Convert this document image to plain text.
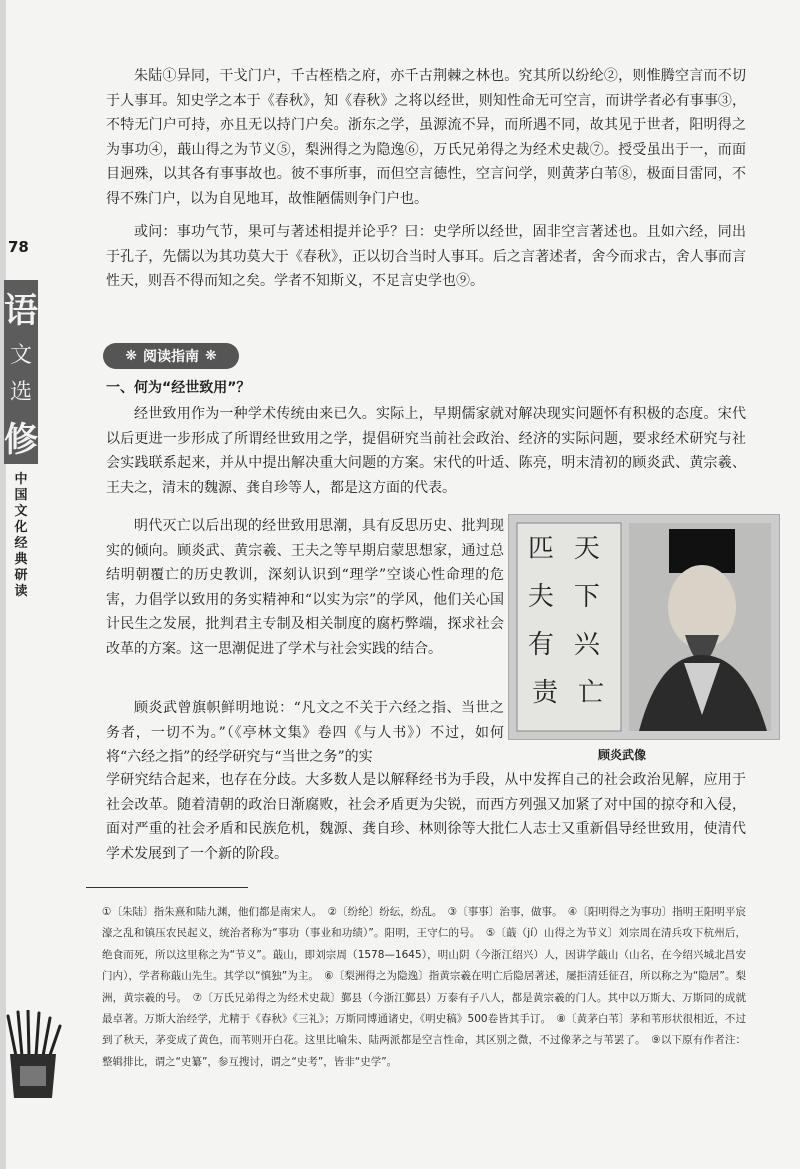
78
语
文
选
修
中国文化经典研读

朱陆①异同，干戈门户，千古桎梏之府，亦千古荆棘之林也。究其所以纷纶②，则惟腾空言而不切于人事耳。知史学之本于《春秋》，知《春秋》之将以经世，则知性命无可空言，而讲学者必有事事③，不特无门户可持，亦且无以持门户矣。浙东之学，虽源流不异，而所遇不同，故其见于世者，阳明得之为事功④，蕺山得之为节义⑤，梨洲得之为隐逸⑥，万氏兄弟得之为经术史裁⑦。授受虽出于一，而面目迥殊，以其各有事事故也。彼不事所事，而但空言德性，空言问学，则黄茅白苇⑧，极面目雷同，不得不殊门户，以为自见地耳，故惟陋儒则争门户也。

或问：事功气节，果可与著述相提并论乎？曰：史学所以经世，固非空言著述也。且如六经，同出于孔子，先儒以为其功莫大于《春秋》，正以切合当时人事耳。后之言著述者，舍今而求古，舍人事而言性天，则吾不得而知之矣。学者不知斯义，不足言史学也⑨。

❋ 阅读指南 ❋
一、何为“经世致用”？

经世致用作为一种学术传统由来已久。实际上，早期儒家就对解决现实问题怀有积极的态度。宋代以后更进一步形成了所谓经世致用之学，提倡研究当前社会政治、经济的实际问题，要求经术研究与社会实践联系起来，并从中提出解决重大问题的方案。宋代的叶适、陈亮，明末清初的顾炎武、黄宗羲、王夫之，清末的魏源、龚自珍等人，都是这方面的代表。

明代灭亡以后出现的经世致用思潮，具有反思历史、批判现实的倾向。顾炎武、黄宗羲、王夫之等早期启蒙思想家，通过总结明朝覆亡的历史教训，深刻认识到“理学”空谈心性命理的危害，力倡学以致用的务实精神和“以实为宗”的学风，他们关心国计民生之发展，批判君主专制及相关制度的腐朽弊端，探求社会改革的方案。这一思潮促进了学术与社会实践的结合。

顾炎武曾旗帜鲜明地说：“凡文之不关于六经之指、当世之务者，一切不为。”（《亭林文集》卷四《与人书》）不过，如何将“六经之指”的经学研究与“当世之务”的实

学研究结合起来，也存在分歧。大多数人是以解释经书为手段，从中发挥自己的社会政治见解，应用于社会改革。随着清朝的政治日渐腐败，社会矛盾更为尖锐，而西方列强又加紧了对中国的掠夺和入侵，面对严重的社会矛盾和民族危机，魏源、龚自珍、林则徐等大批仁人志士又重新倡导经世致用，使清代学术发展到了一个新的阶段。

天 下 兴 亡
匹 夫 有 责
顾炎武像
①〔朱陆〕指朱熹和陆九渊，他们都是南宋人。　②〔纷纶〕纷纭，纷乱。　③〔事事〕治事，做事。　④〔阳明得之为事功〕指明王阳明平宸濠之乱和镇压农民起义，统治者称为“事功（事业和功绩）”。阳明，王守仁的号。　⑤〔蕺（jí）山得之为节义〕刘宗周在清兵攻下杭州后，绝食而死，所以这里称之为“节义”。蕺山，即刘宗周（1578—1645），明山阴（今浙江绍兴）人，因讲学蕺山（山名，在今绍兴城北昌安门内），学者称蕺山先生。其学以“慎独”为主。　⑥〔梨洲得之为隐逸〕指黄宗羲在明亡后隐居著述，屡拒清廷征召，所以称之为“隐居”。梨洲，黄宗羲的号。　⑦〔万氏兄弟得之为经术史裁〕鄞县（今浙江鄞县）万泰有子八人，都是黄宗羲的门人。其中以万斯大、万斯同的成就最卓著。万斯大治经学，尤精于《春秋》《三礼》；万斯同博通诸史，《明史稿》500卷皆其手订。　⑧〔黄茅白苇〕茅和苇形状很相近，不过到了秋天，茅变成了黄色，而苇则开白花。这里比喻朱、陆两派都是空言性命，其区别之微，不过像茅之与苇罢了。　⑨以下原有作者注：整辑排比，谓之“史纂”，参互搜讨，谓之“史考”，皆非“史学”。
